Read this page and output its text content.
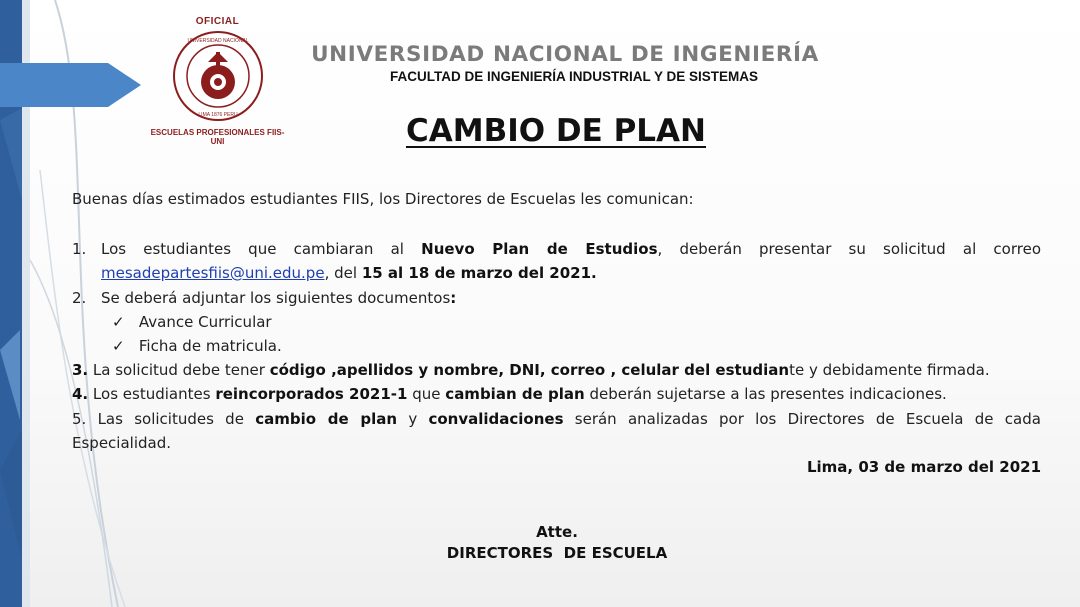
OFICIAL
UNIVERSIDAD NACIONAL
LIMA 1876 PERU
ESCUELAS PROFESIONALES FIIS-UNI
UNIVERSIDAD NACIONAL DE INGENIERÍA
FACULTAD DE INGENIERÍA INDUSTRIAL Y DE SISTEMAS
CAMBIO DE PLAN
Buenas días estimados estudiantes FIIS, los Directores de Escuelas les comunican:
1. Los estudiantes que cambiaran al Nuevo Plan de Estudios, deberán presentar su solicitud al correo
mesadepartesfiis@uni.edu.pe, del 15 al 18 de marzo del 2021.
2. Se deberá adjuntar los siguientes documentos:
✓ Avance Curricular
✓ Ficha de matricula.
3. La solicitud debe tener código ,apellidos y nombre, DNI, correo , celular del estudiante y debidamente firmada.
4. Los estudiantes reincorporados 2021-1 que cambian de plan deberán sujetarse a las presentes indicaciones.
5. Las solicitudes de cambio de plan y convalidaciones serán analizadas por los Directores de Escuela de cada
Especialidad.
Lima, 03 de marzo del 2021
Atte.
DIRECTORES  DE ESCUELA
